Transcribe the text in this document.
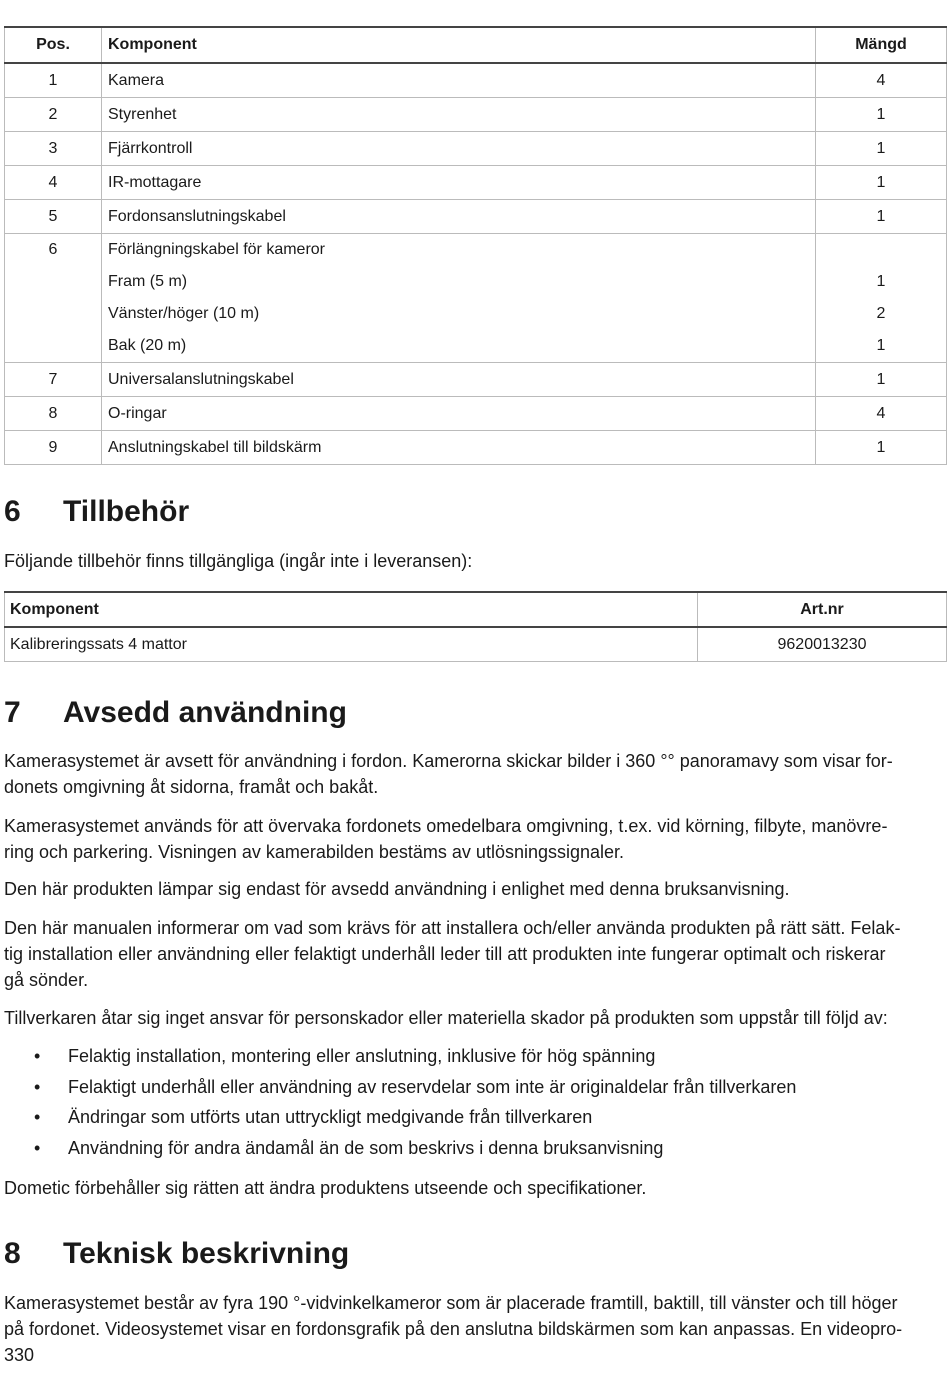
Pos.	Komponent	Mängd
1	Kamera	4
2	Styrenhet	1
3	Fjärrkontroll	1
4	IR-mottagare	1
5	Fordonsanslutningskabel	1
6	Förlängningskabel för kameror	
	Fram (5 m)	1
	Vänster/höger (10 m)	2
	Bak (20 m)	1
7	Universalanslutningskabel	1
8	O-ringar	4
9	Anslutningskabel till bildskärm	1
6 Tillbehör

Följande tillbehör finns tillgängliga (ingår inte i leveransen):

Komponent	Art.nr
Kalibreringssats 4 mattor	9620013230
7 Avsedd användning

Kamerasystemet är avsett för användning i fordon. Kamerorna skickar bilder i 360 °° panoramavy som visar for-
donets omgivning åt sidorna, framåt och bakåt.

Kamerasystemet används för att övervaka fordonets omedelbara omgivning, t.ex. vid körning, filbyte, manövre-
ring och parkering. Visningen av kamerabilden bestäms av utlösningssignaler.

Den här produkten lämpar sig endast för avsedd användning i enlighet med denna bruksanvisning.

Den här manualen informerar om vad som krävs för att installera och/eller använda produkten på rätt sätt. Felak-
tig installation eller användning eller felaktigt underhåll leder till att produkten inte fungerar optimalt och riskerar
gå sönder.

Tillverkaren åtar sig inget ansvar för personskador eller materiella skador på produkten som uppstår till följd av:

• Felaktig installation, montering eller anslutning, inklusive för hög spänning
• Felaktigt underhåll eller användning av reservdelar som inte är originaldelar från tillverkaren
• Ändringar som utförts utan uttryckligt medgivande från tillverkaren
• Användning för andra ändamål än de som beskrivs i denna bruksanvisning

Dometic förbehåller sig rätten att ändra produktens utseende och specifikationer.

8 Teknisk beskrivning

Kamerasystemet består av fyra 190 °-vidvinkelkameror som är placerade framtill, baktill, till vänster och till höger
på fordonet. Videosystemet visar en fordonsgrafik på den anslutna bildskärmen som kan anpassas. En videopro-

330
